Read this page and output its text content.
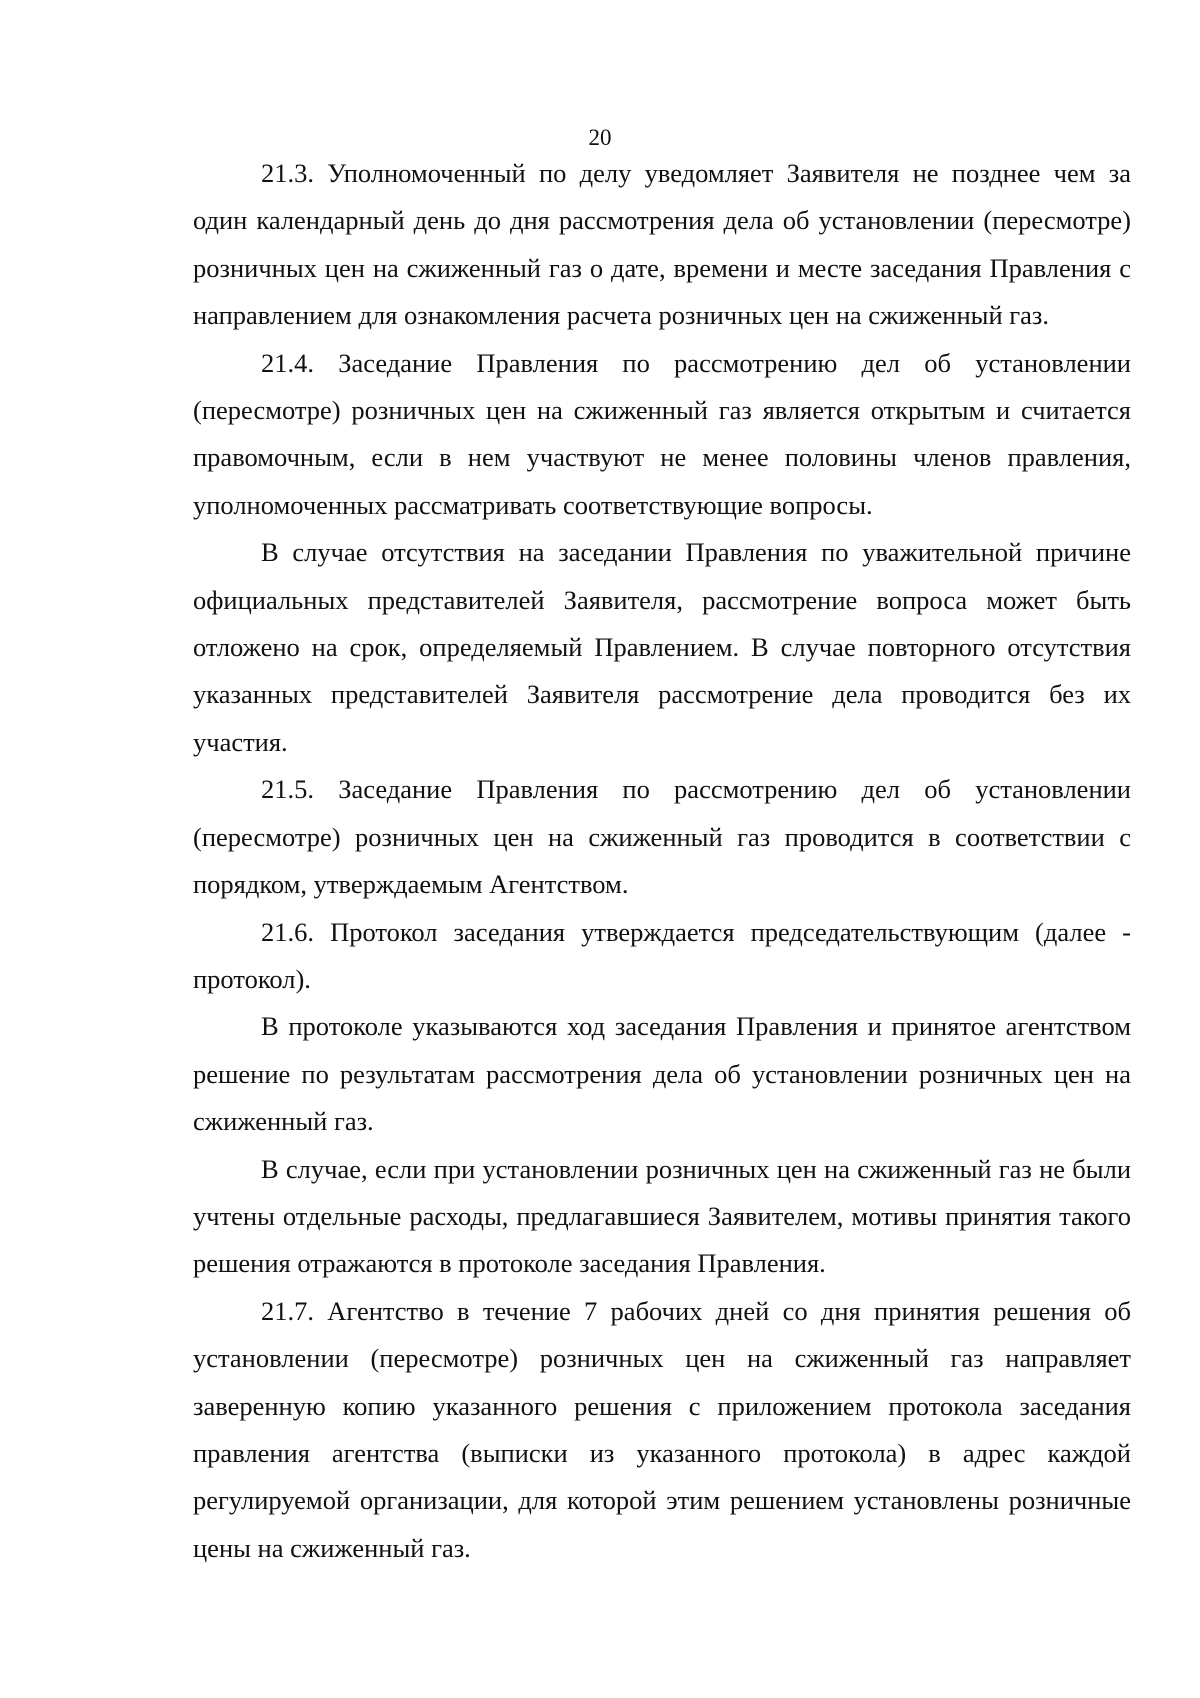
20

21.3. Уполномоченный по делу уведомляет Заявителя не позднее чем за один календарный день до дня рассмотрения дела об установлении (пересмотре) розничных цен на сжиженный газ о дате, времени и месте заседания Правления с направлением для ознакомления расчета розничных цен на сжиженный газ.

21.4. Заседание Правления по рассмотрению дел об установлении (пересмотре) розничных цен на сжиженный газ является открытым и считается правомочным, если в нем участвуют не менее половины членов правления, уполномоченных рассматривать соответствующие вопросы.

В случае отсутствия на заседании Правления по уважительной причине официальных представителей Заявителя, рассмотрение вопроса может быть отложено на срок, определяемый Правлением. В случае повторного отсутствия указанных представителей Заявителя рассмотрение дела проводится без их участия.

21.5. Заседание Правления по рассмотрению дел об установлении (пересмотре) розничных цен на сжиженный газ проводится в соответствии с порядком, утверждаемым Агентством.

21.6. Протокол заседания утверждается председательствующим (далее - протокол).

В протоколе указываются ход заседания Правления и принятое агентством решение по результатам рассмотрения дела об установлении розничных цен на сжиженный газ.

В случае, если при установлении розничных цен на сжиженный газ не были учтены отдельные расходы, предлагавшиеся Заявителем, мотивы принятия такого решения отражаются в протоколе заседания Правления.

21.7. Агентство в течение 7 рабочих дней со дня принятия решения об установлении (пересмотре) розничных цен на сжиженный газ направляет заверенную копию указанного решения с приложением протокола заседания правления агентства (выписки из указанного протокола) в адрес каждой регулируемой организации, для которой этим решением установлены розничные цены на сжиженный газ.
